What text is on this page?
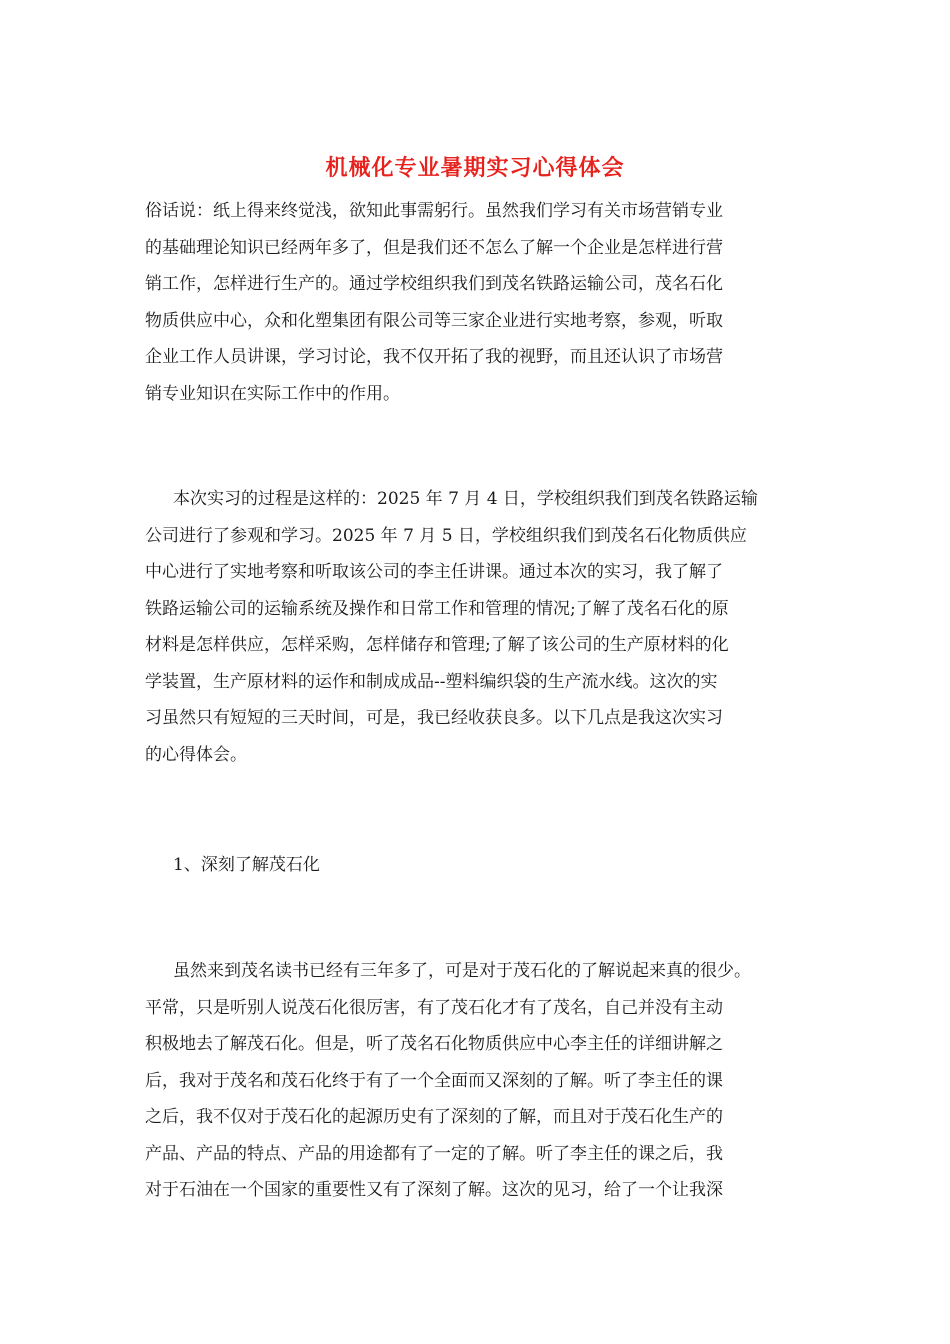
机械化专业暑期实习心得体会
俗话说：纸上得来终觉浅，欲知此事需躬行。虽然我们学习有关市场营销专业
的基础理论知识已经两年多了，但是我们还不怎么了解一个企业是怎样进行营
销工作，怎样进行生产的。通过学校组织我们到茂名铁路运输公司，茂名石化
物质供应中心，众和化塑集团有限公司等三家企业进行实地考察，参观，听取
企业工作人员讲课，学习讨论，我不仅开拓了我的视野，而且还认识了市场营
销专业知识在实际工作中的作用。
本次实习的过程是这样的：2025 年 7 月 4 日，学校组织我们到茂名铁路运输
公司进行了参观和学习。2025 年 7 月 5 日，学校组织我们到茂名石化物质供应
中心进行了实地考察和听取该公司的李主任讲课。通过本次的实习，我了解了
铁路运输公司的运输系统及操作和日常工作和管理的情况;了解了茂名石化的原
材料是怎样供应，怎样采购，怎样储存和管理;了解了该公司的生产原材料的化
学装置，生产原材料的运作和制成成品--塑料编织袋的生产流水线。这次的实
习虽然只有短短的三天时间，可是，我已经收获良多。以下几点是我这次实习
的心得体会。
1、深刻了解茂石化
虽然来到茂名读书已经有三年多了，可是对于茂石化的了解说起来真的很少。
平常，只是听别人说茂石化很厉害，有了茂石化才有了茂名，自己并没有主动
积极地去了解茂石化。但是，听了茂名石化物质供应中心李主任的详细讲解之
后，我对于茂名和茂石化终于有了一个全面而又深刻的了解。听了李主任的课
之后，我不仅对于茂石化的起源历史有了深刻的了解，而且对于茂石化生产的
产品、产品的特点、产品的用途都有了一定的了解。听了李主任的课之后，我
对于石油在一个国家的重要性又有了深刻了解。这次的见习，给了一个让我深
